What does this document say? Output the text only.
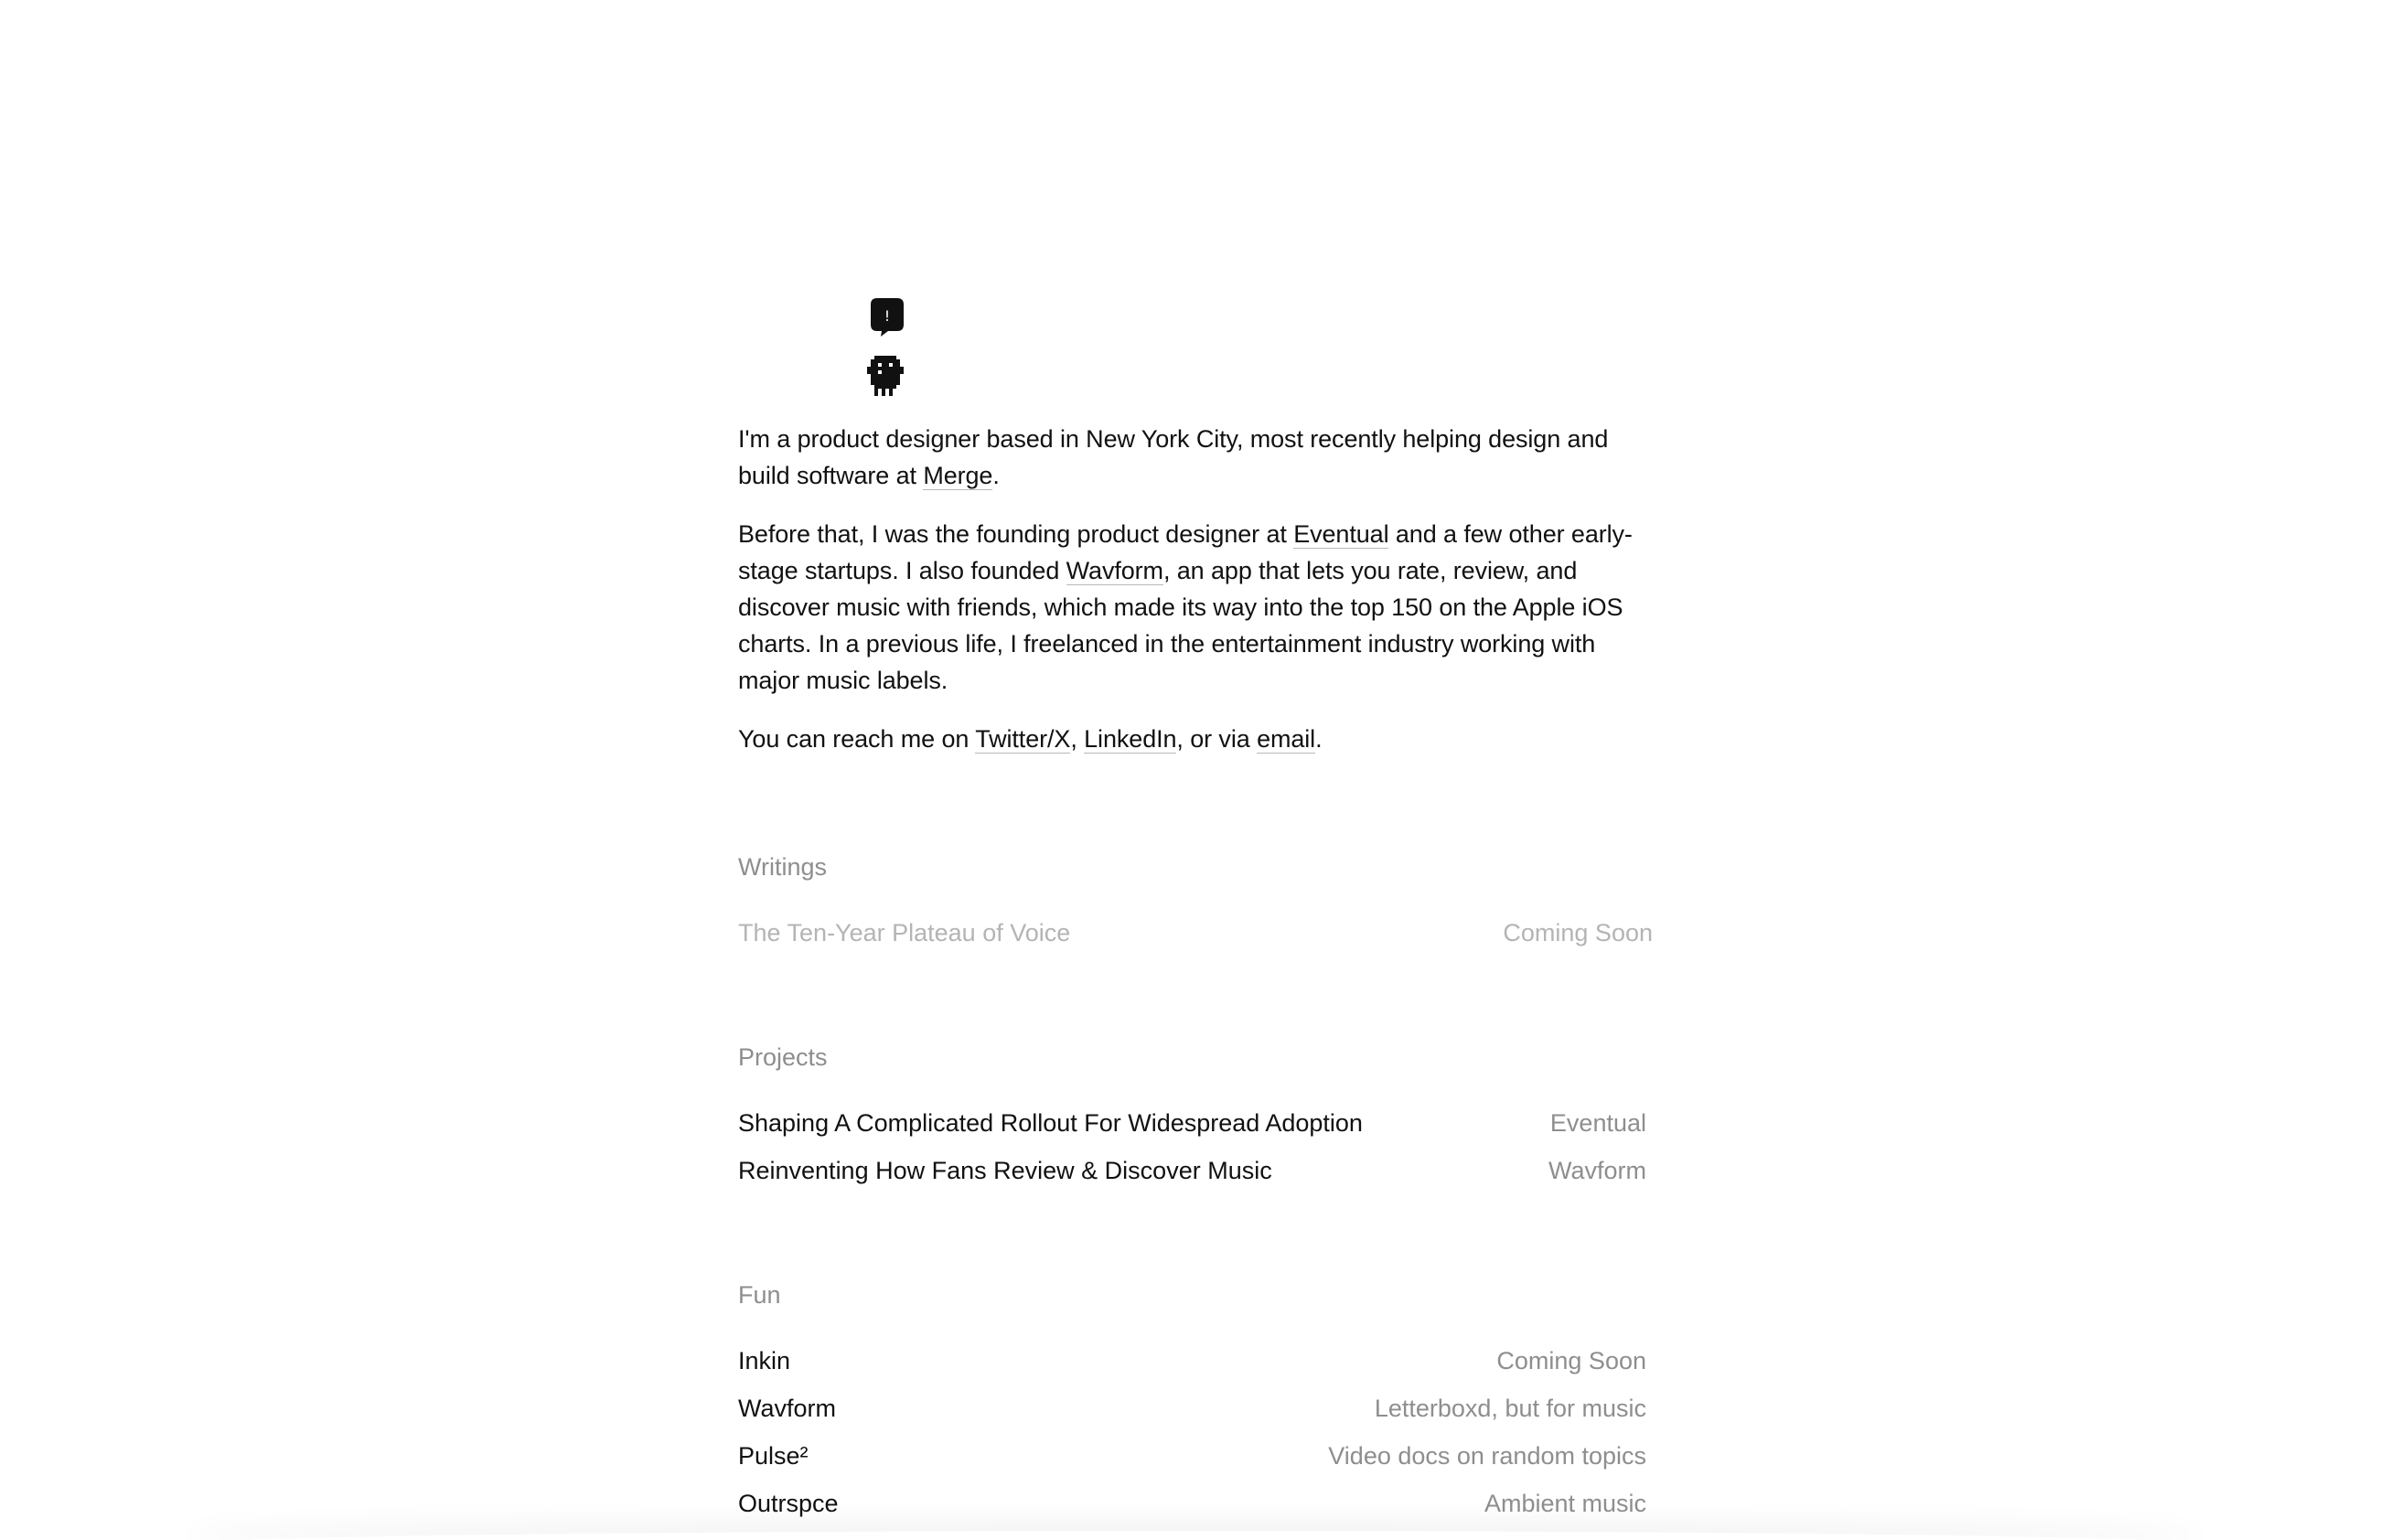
!

I'm a product designer based in New York City, most recently helping design and build software at Merge.

Before that, I was the founding product designer at Eventual and a few other early-stage startups. I also founded Wavform, an app that lets you rate, review, and discover music with friends, which made its way into the top 150 on the Apple iOS charts. In a previous life, I freelanced in the entertainment industry working with major music labels.

You can reach me on Twitter/X, LinkedIn, or via email.

Writings
The Ten-Year Plateau of Voice	Coming Soon
Projects
Shaping A Complicated Rollout For Widespread Adoption	Eventual
Reinventing How Fans Review & Discover Music	Wavform
Fun
Inkin	Coming Soon
Wavform	Letterboxd, but for music
Pulse²	Video docs on random topics
Outrspce	Ambient music
